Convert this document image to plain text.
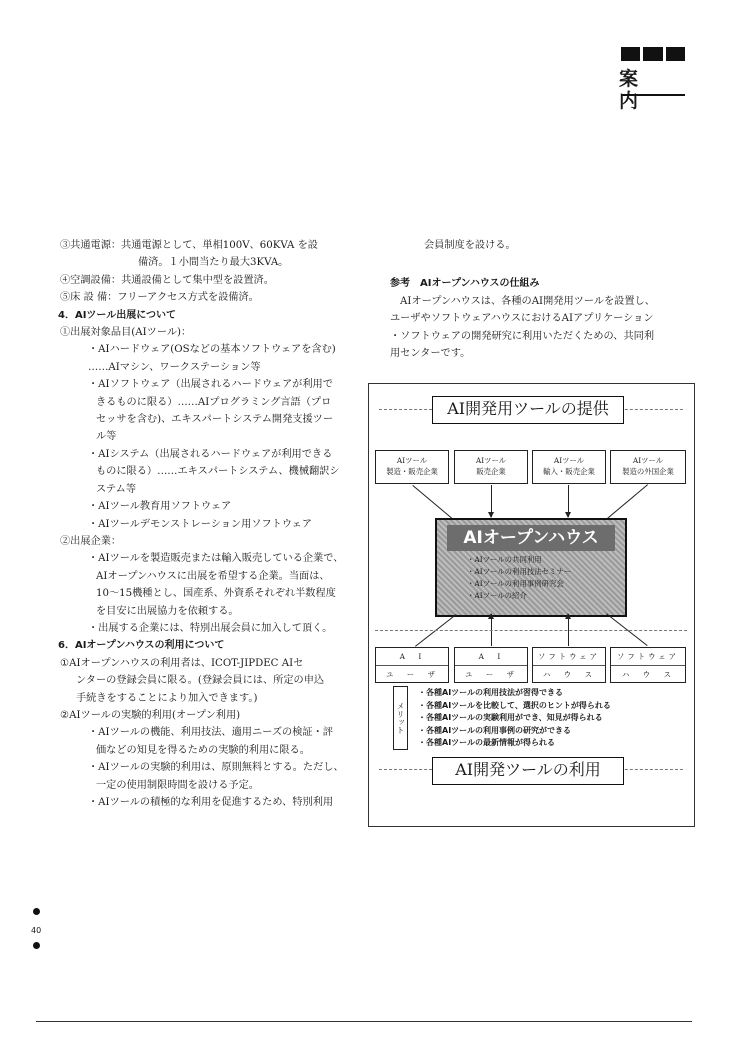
案 内

③共通電源：共通電源として、単相100V、60KVA を設

備済。１小間当たり最大3KVA。

④空調設備：共通設備として集中型を設置済。

⑤床 設 備：フリーアクセス方式を設備済。

4．AIツール出展について

①出展対象品目(AIツール)：

・AIハードウェア(OSなどの基本ソフトウェアを含む)

……AIマシン、ワークステーション等

・AIソフトウェア（出展されるハードウェアが利用で

きるものに限る）……AIプログラミング言語（プロ

セッサを含む)、エキスパートシステム開発支援ツー

ル等

・AIシステム（出展されるハードウェアが利用できる

ものに限る）……エキスパートシステム、機械翻訳シ

ステム等

・AIツール教育用ソフトウェア

・AIツールデモンストレーション用ソフトウェア

②出展企業：

・AIツールを製造販売または輸入販売している企業で、

AIオープンハウスに出展を希望する企業。当面は、

10～15機種とし、国産系、外資系それぞれ半数程度

を目安に出展協力を依頼する。

・出展する企業には、特別出展会員に加入して頂く。

6．AIオープンハウスの利用について

①AIオープンハウスの利用者は、ICOT-JIPDEC AIセ

ンターの登録会員に限る。(登録会員には、所定の申込

手続きをすることにより加入できます。)

②AIツールの実験的利用(オープン利用)

・AIツールの機能、利用技法、適用ニーズの検証・評

価などの知見を得るための実験的利用に限る。

・AIツールの実験的利用は、原則無料とする。ただし、

一定の使用制限時間を設ける予定。

・AIツールの積極的な利用を促進するため、特別利用

会員制度を設ける。

参考　AIオープンハウスの仕組み

AIオープンハウスは、各種のAI開発用ツールを設置し、

ユーザやソフトウェアハウスにおけるAIアプリケーション

・ソフトウェアの開発研究に利用いただくための、共同利

用センターです。

AI開発用ツールの提供
AIツール
製造・販売企業
AIツール
販売企業
AIツール
輸入・販売企業
AIツール
製造の外国企業
AIオープンハウス
・AIツールの共同利用
・AIツールの利用技法セミナー
・AIツールの利用事例研究会
・AIツールの紹介
A　I
ユ　ー　ザ
A　I
ユ　ー　ザ
ソフトウェア
ハ　ウ　ス
ソフトウェア
ハ　ウ　ス
メリット
・各種AIツールの利用技法が習得できる
・各種AIツールを比較して、選択のヒントが得られる
・各種AIツールの実験利用ができ、知見が得られる
・各種AIツールの利用事例の研究ができる
・各種AIツールの最新情報が得られる
AI開発ツールの利用
40
